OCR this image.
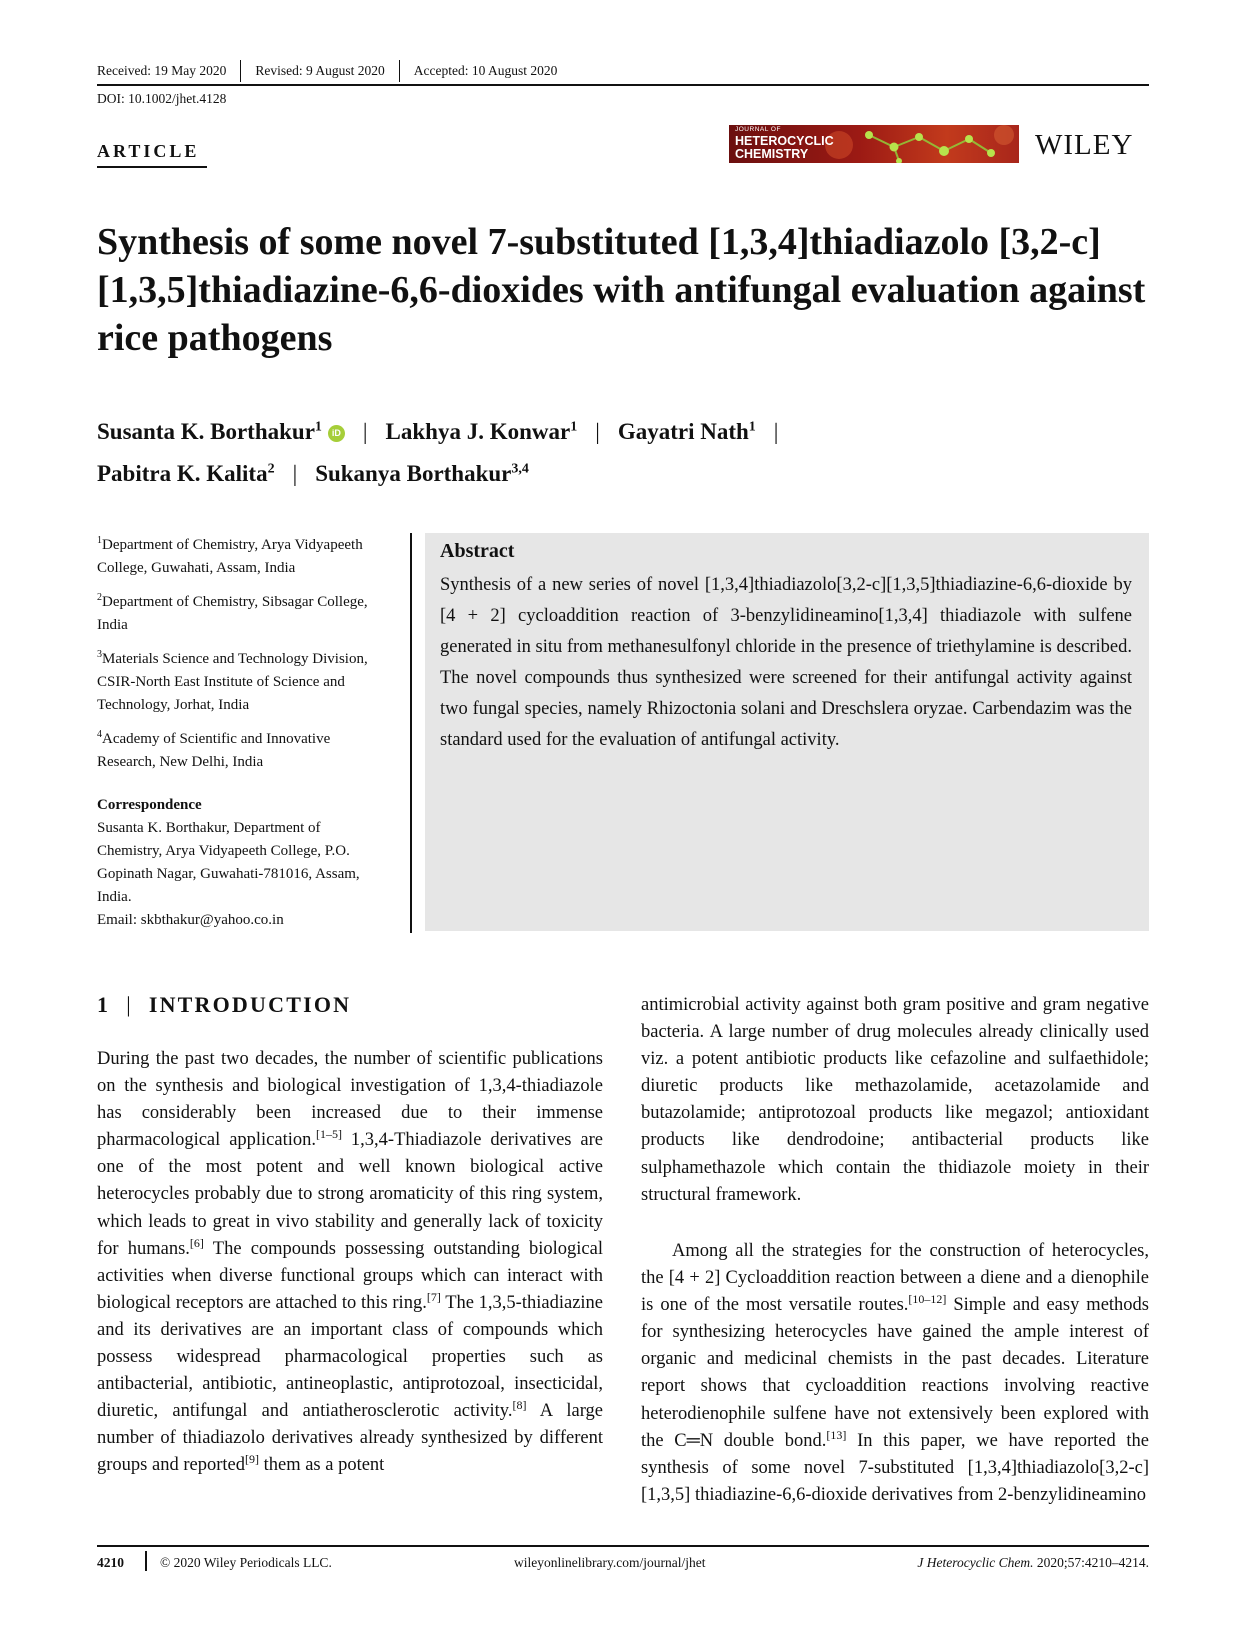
Received: 19 May 2020 Revised: 9 August 2020 Accepted: 10 August 2020
DOI: 10.1002/jhet.4128
ARTICLE
JOURNAL OF
HETEROCYCLIC
CHEMISTRY	WILEY
Synthesis of some novel 7-substituted [1,3,4]thiadiazolo [3,2-c][1,3,5]thiadiazine-6,6-dioxides with antifungal evaluation against rice pathogens
Susanta K. Borthakur$^1$ iD | Lakhya J. Konwar$^1$ | Gayatri Nath$^1$ |
Pabitra K. Kalita$^2$ | Sukanya Borthakur$^{3,4}$

$^1$Department of Chemistry, Arya Vidyapeeth College, Guwahati, Assam, India

$^2$Department of Chemistry, Sibsagar College, India

$^3$Materials Science and Technology Division, CSIR-North East Institute of Science and Technology, Jorhat, India

$^4$Academy of Scientific and Innovative Research, New Delhi, India

Correspondence

Susanta K. Borthakur, Department of Chemistry, Arya Vidyapeeth College, P.O. Gopinath Nagar, Guwahati-781016, Assam, India.

Email: skbthakur@yahoo.co.in

Abstract

Synthesis of a new series of novel [1,3,4]thiadiazolo[3,2-c][1,3,5]thiadiazine-6,6-dioxide by [4 + 2] cycloaddition reaction of 3-benzylidineamino[1,3,4] thiadiazole with sulfene generated in situ from methanesulfonyl chloride in the presence of triethylamine is described. The novel compounds thus synthesized were screened for their antifungal activity against two fungal species, namely Rhizoctonia solani and Dreschslera oryzae. Carbendazim was the standard used for the evaluation of antifungal activity.

1 | INTRODUCTION

During the past two decades, the number of scientific publications on the synthesis and biological investigation of 1,3,4-thiadiazole has considerably been increased due to their immense pharmacological application.[1–5] 1,3,4-Thiadiazole derivatives are one of the most potent and well known biological active heterocycles probably due to strong aromaticity of this ring system, which leads to great in vivo stability and generally lack of toxicity for humans.[6] The compounds possessing outstanding biological activities when diverse functional groups which can interact with biological receptors are attached to this ring.[7] The 1,3,5-thiadiazine and its derivatives are an important class of compounds which possess widespread pharmacological properties such as antibacterial, antibiotic, antineoplastic, antiprotozoal, insecticidal, diuretic, antifungal and antiatherosclerotic activity.[8] A large number of thiadiazolo derivatives already synthesized by different groups and reported[9] them as a potent

antimicrobial activity against both gram positive and gram negative bacteria. A large number of drug molecules already clinically used viz. a potent antibiotic products like cefazoline and sulfaethidole; diuretic products like methazolamide, acetazolamide and butazolamide; antiprotozoal products like megazol; antioxidant products like dendrodoine; antibacterial products like sulphamethazole which contain the thidiazole moiety in their structural framework.

Among all the strategies for the construction of heterocycles, the [4 + 2] Cycloaddition reaction between a diene and a dienophile is one of the most versatile routes.[10–12] Simple and easy methods for synthesizing heterocycles have gained the ample interest of organic and medicinal chemists in the past decades. Literature report shows that cycloaddition reactions involving reactive heterodienophile sulfene have not extensively been explored with the C═N double bond.[13] In this paper, we have reported the synthesis of some novel 7-substituted [1,3,4]thiadiazolo[3,2-c][1,3,5] thiadiazine-6,6-dioxide derivatives from 2-benzylidineamino

4210	© 2020 Wiley Periodicals LLC.	wileyonlinelibrary.com/journal/jhet	J Heterocyclic Chem. 2020;57:4210–4214.
